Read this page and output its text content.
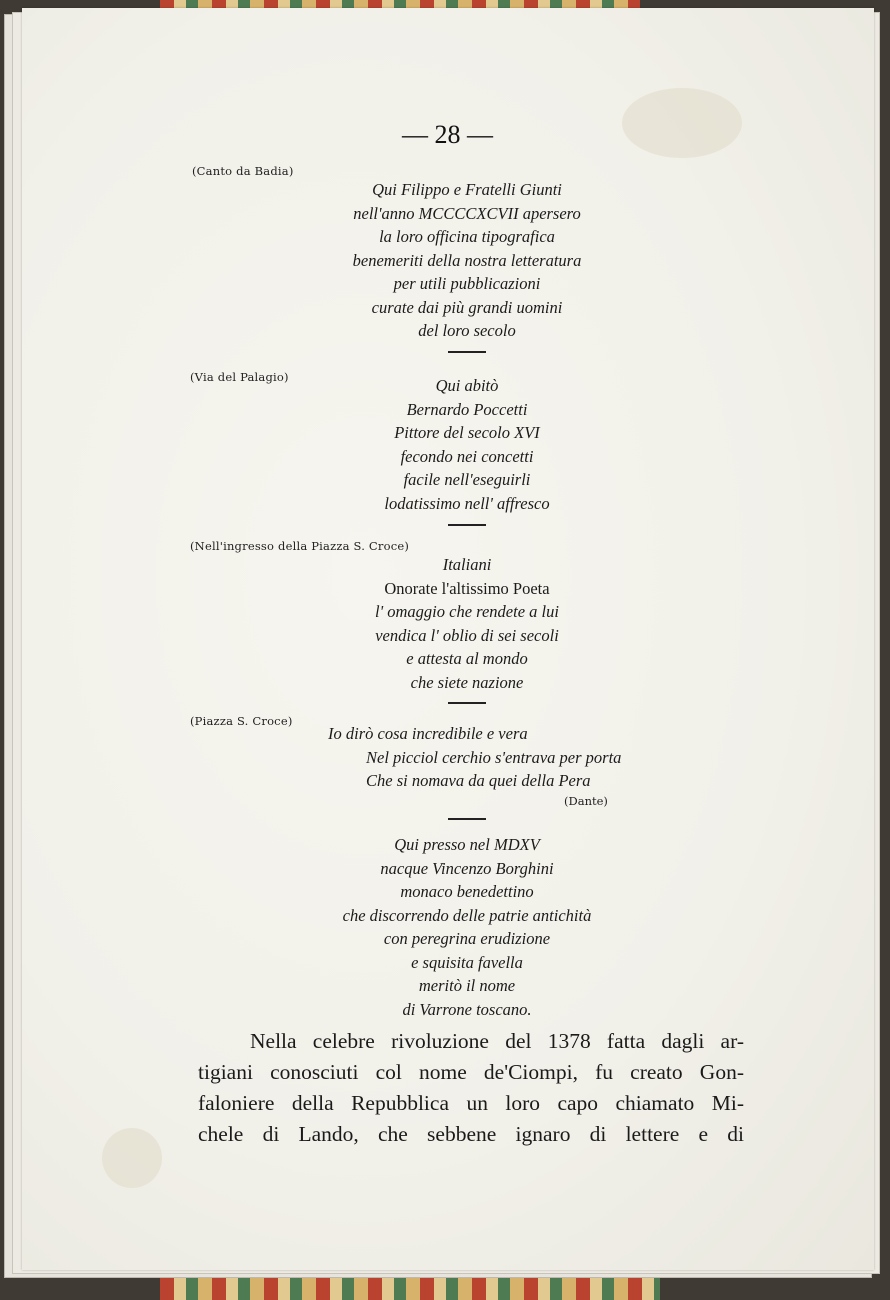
— 28 —
(Canto da Badia)
Qui Filippo e Fratelli Giunti
nell'anno MCCCCXCVII apersero
la loro officina tipografica
benemeriti della nostra letteratura
per utili pubblicazioni
curate dai più grandi uomini
del loro secolo
(Via del Palagio)	Qui abitò
Bernardo Poccetti
Pittore del secolo XVI
fecondo nei concetti
facile nell'eseguirli
lodatissimo nell' affresco
(Nell'ingresso della Piazza S. Croce)
Italiani
Onorate l'altissimo Poeta
l' omaggio che rendete a lui
vendica l' oblio di sei secoli
e attesta al mondo
che siete nazione
(Piazza S. Croce)
Io dirò cosa incredibile e vera
Nel picciol cerchio s'entrava per porta
Che si nomava da quei della Pera
(Dante)
Qui presso nel MDXV
nacque Vincenzo Borghini
monaco benedettino
che discorrendo delle patrie antichità
con peregrina erudizione
e squisita favella
meritò il nome
di Varrone toscano.
Nella celebre rivoluzione del 1378 fatta dagli ar-
tigiani conosciuti col nome de'Ciompi, fu creato Gon-
faloniere della Repubblica un loro capo chiamato Mi-
chele di Lando, che sebbene ignaro di lettere e di
